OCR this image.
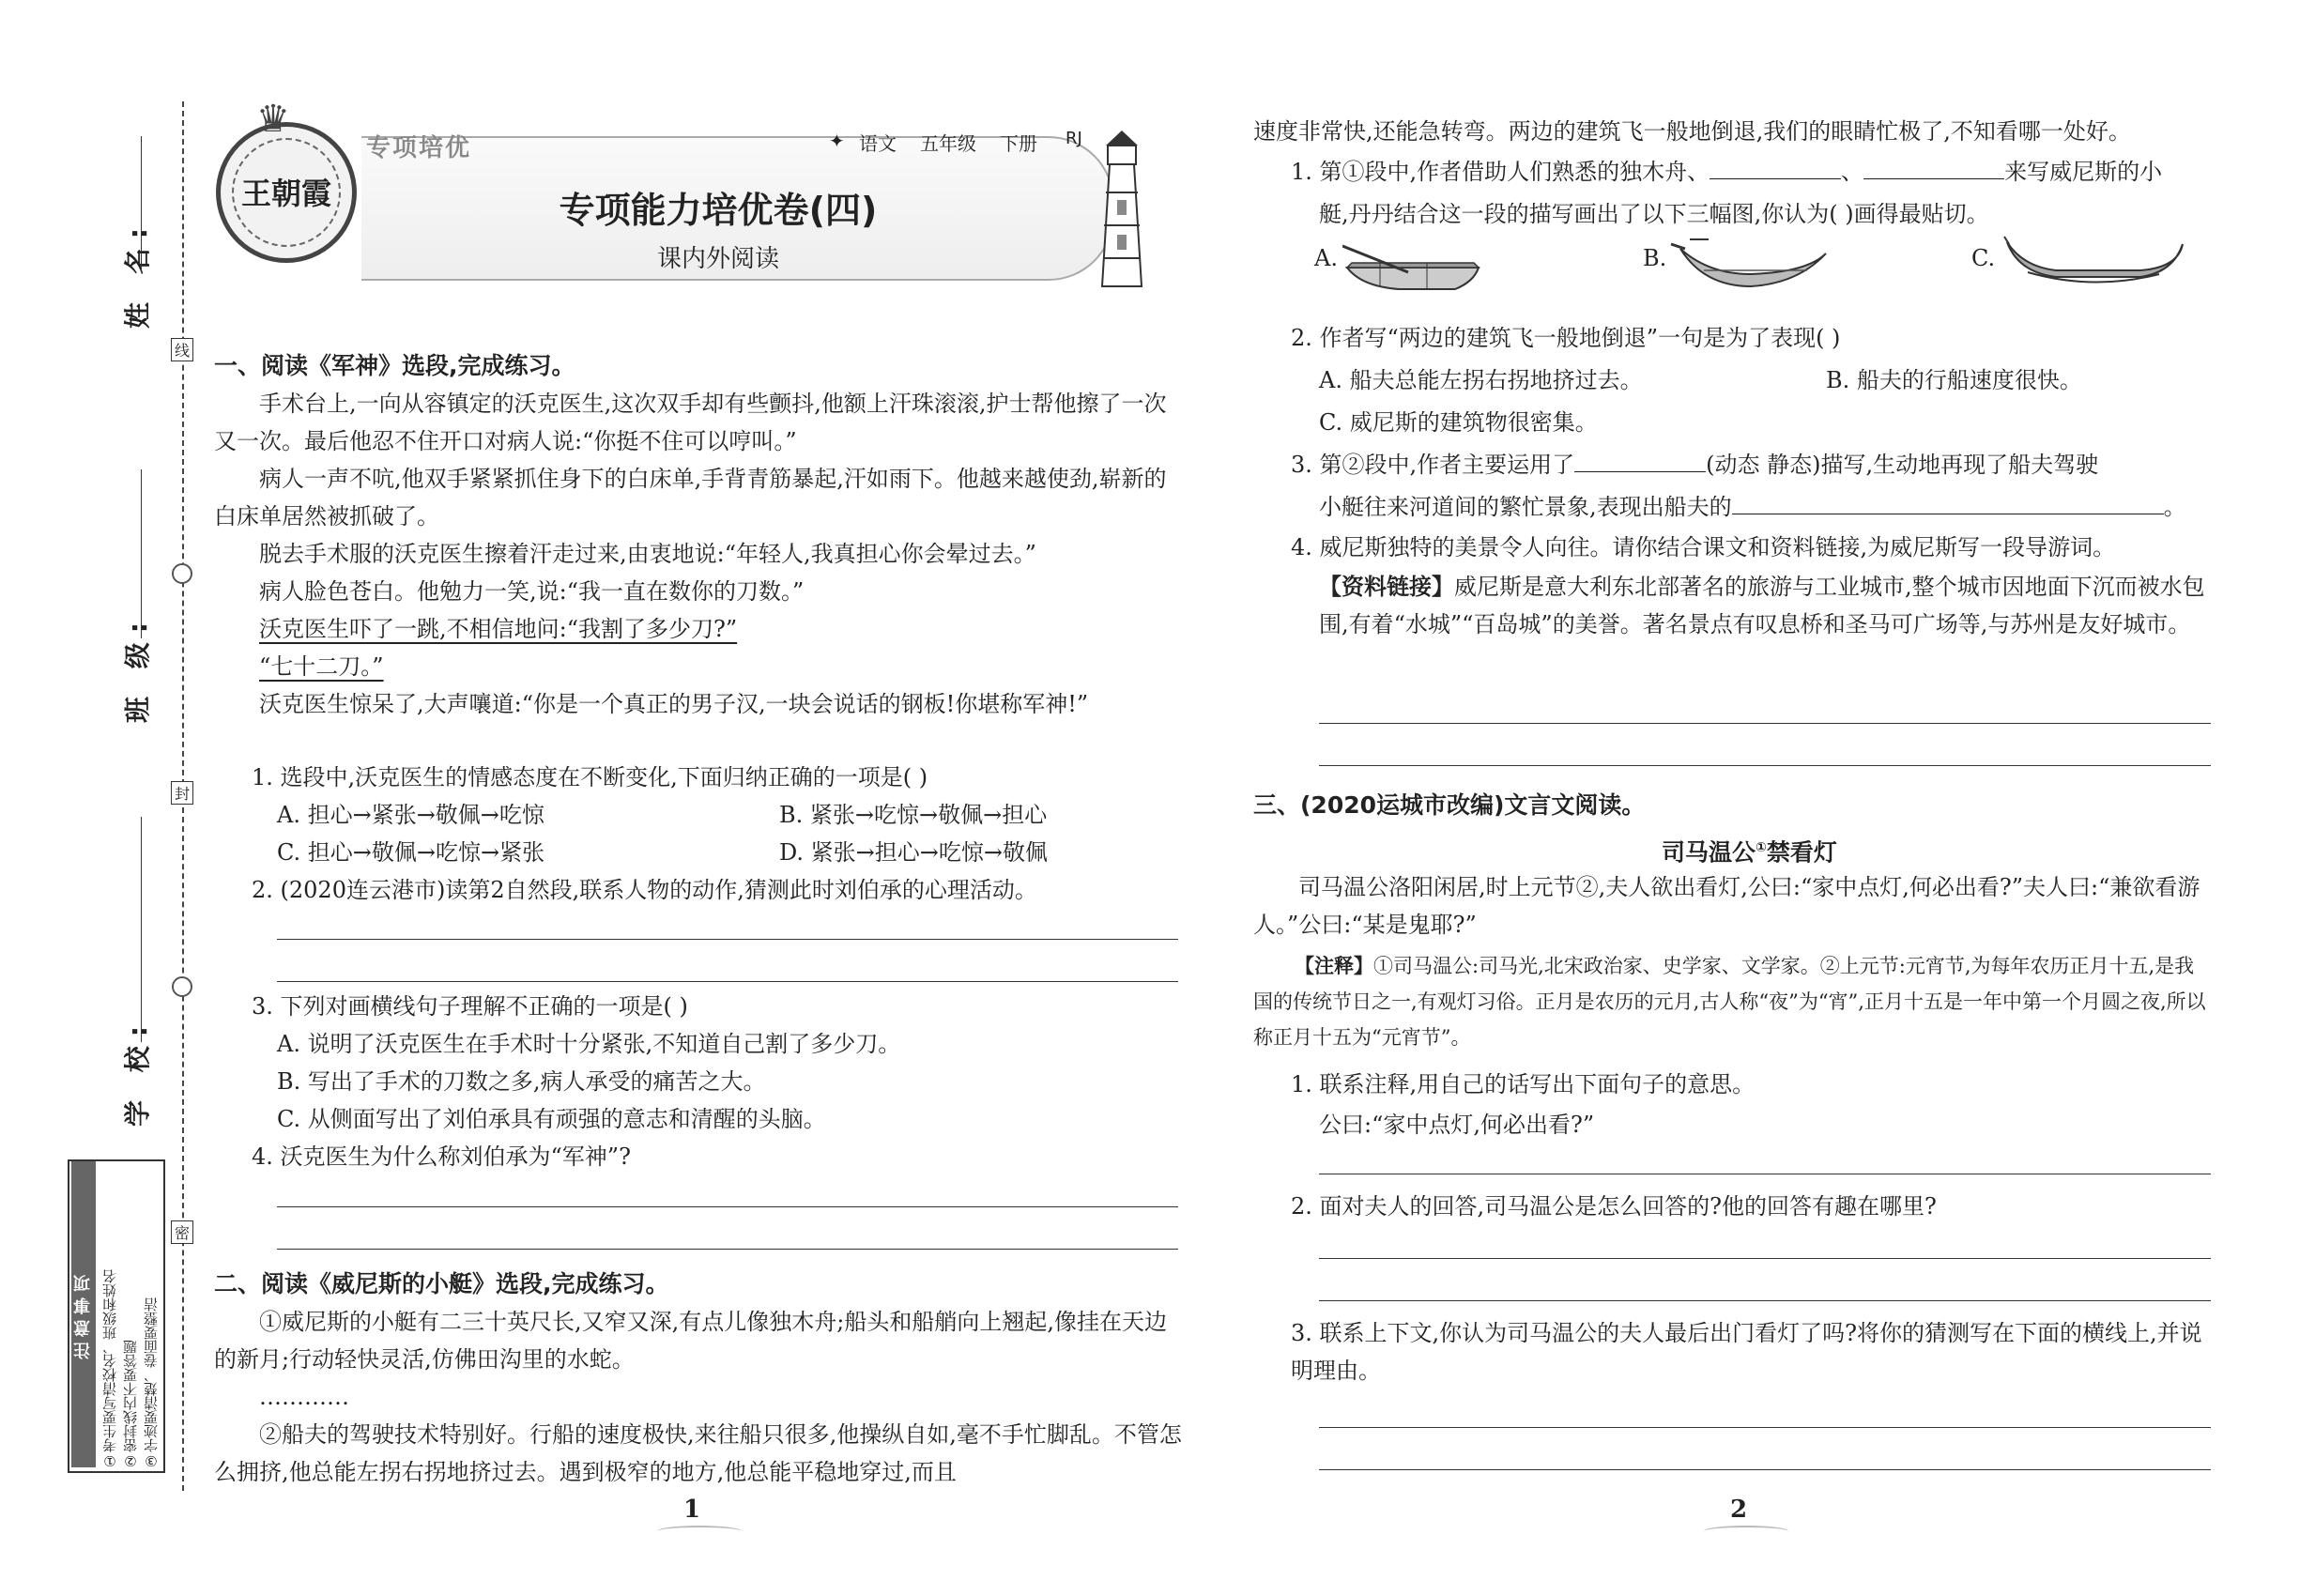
线
封
密
姓 名:
班 级:
学 校:
注意事项 ①考生要写清校名、班级和姓名 ②密封线内不要答题 ③字迹要清楚、卷面要整洁
王朝霞
♛
专项培优	✦ 语文 五年级 下册 RJ
专项能力培优卷(四)
课内外阅读
一、阅读《军神》选段,完成练习。
手术台上,一向从容镇定的沃克医生,这次双手却有些颤抖,他额上汗珠滚滚,护士帮他擦了一次又一次。最后他忍不住开口对病人说:“你挺不住可以哼叫。”
病人一声不吭,他双手紧紧抓住身下的白床单,手背青筋暴起,汗如雨下。他越来越使劲,崭新的白床单居然被抓破了。
脱去手术服的沃克医生擦着汗走过来,由衷地说:“年轻人,我真担心你会晕过去。”
病人脸色苍白。他勉力一笑,说:“我一直在数你的刀数。”
沃克医生吓了一跳,不相信地问:“我割了多少刀?”
“七十二刀。”
沃克医生惊呆了,大声嚷道:“你是一个真正的男子汉,一块会说话的钢板!你堪称军神!”
1. 选段中,沃克医生的情感态度在不断变化,下面归纳正确的一项是( )
A. 担心→紧张→敬佩→吃惊	B. 紧张→吃惊→敬佩→担心
C. 担心→敬佩→吃惊→紧张	D. 紧张→担心→吃惊→敬佩
2. (2020连云港市)读第2自然段,联系人物的动作,猜测此时刘伯承的心理活动。
3. 下列对画横线句子理解不正确的一项是( )
A. 说明了沃克医生在手术时十分紧张,不知道自己割了多少刀。
B. 写出了手术的刀数之多,病人承受的痛苦之大。
C. 从侧面写出了刘伯承具有顽强的意志和清醒的头脑。
4. 沃克医生为什么称刘伯承为“军神”?
二、阅读《威尼斯的小艇》选段,完成练习。
①威尼斯的小艇有二三十英尺长,又窄又深,有点儿像独木舟;船头和船艄向上翘起,像挂在天边的新月;行动轻快灵活,仿佛田沟里的水蛇。
…………
②船夫的驾驶技术特别好。行船的速度极快,来往船只很多,他操纵自如,毫不手忙脚乱。不管怎么拥挤,他总能左拐右拐地挤过去。遇到极窄的地方,他总能平稳地穿过,而且
1
速度非常快,还能急转弯。两边的建筑飞一般地倒退,我们的眼睛忙极了,不知看哪一处好。
1. 第①段中,作者借助人们熟悉的独木舟、	、	来写威尼斯的小
艇,丹丹结合这一段的描写画出了以下三幅图,你认为( )画得最贴切。
A.	B.	C.
2. 作者写“两边的建筑飞一般地倒退”一句是为了表现( )
A. 船夫总能左拐右拐地挤过去。	B. 船夫的行船速度很快。
C. 威尼斯的建筑物很密集。
3. 第②段中,作者主要运用了	(动态 静态)描写,生动地再现了船夫驾驶
小艇往来河道间的繁忙景象,表现出船夫的	。
4. 威尼斯独特的美景令人向往。请你结合课文和资料链接,为威尼斯写一段导游词。
【资料链接】威尼斯是意大利东北部著名的旅游与工业城市,整个城市因地面下沉而被水包围,有着“水城”“百岛城”的美誉。著名景点有叹息桥和圣马可广场等,与苏州是友好城市。
三、(2020运城市改编)文言文阅读。
司马温公①禁看灯
司马温公洛阳闲居,时上元节②,夫人欲出看灯,公曰:“家中点灯,何必出看?”夫人曰:“兼欲看游人。”公曰:“某是鬼耶?”
【注释】①司马温公:司马光,北宋政治家、史学家、文学家。②上元节:元宵节,为每年农历正月十五,是我国的传统节日之一,有观灯习俗。正月是农历的元月,古人称“夜”为“宵”,正月十五是一年中第一个月圆之夜,所以称正月十五为“元宵节”。
1. 联系注释,用自己的话写出下面句子的意思。
公曰:“家中点灯,何必出看?”
2. 面对夫人的回答,司马温公是怎么回答的?他的回答有趣在哪里?
3. 联系上下文,你认为司马温公的夫人最后出门看灯了吗?将你的猜测写在下面的横线上,并说明理由。
2
